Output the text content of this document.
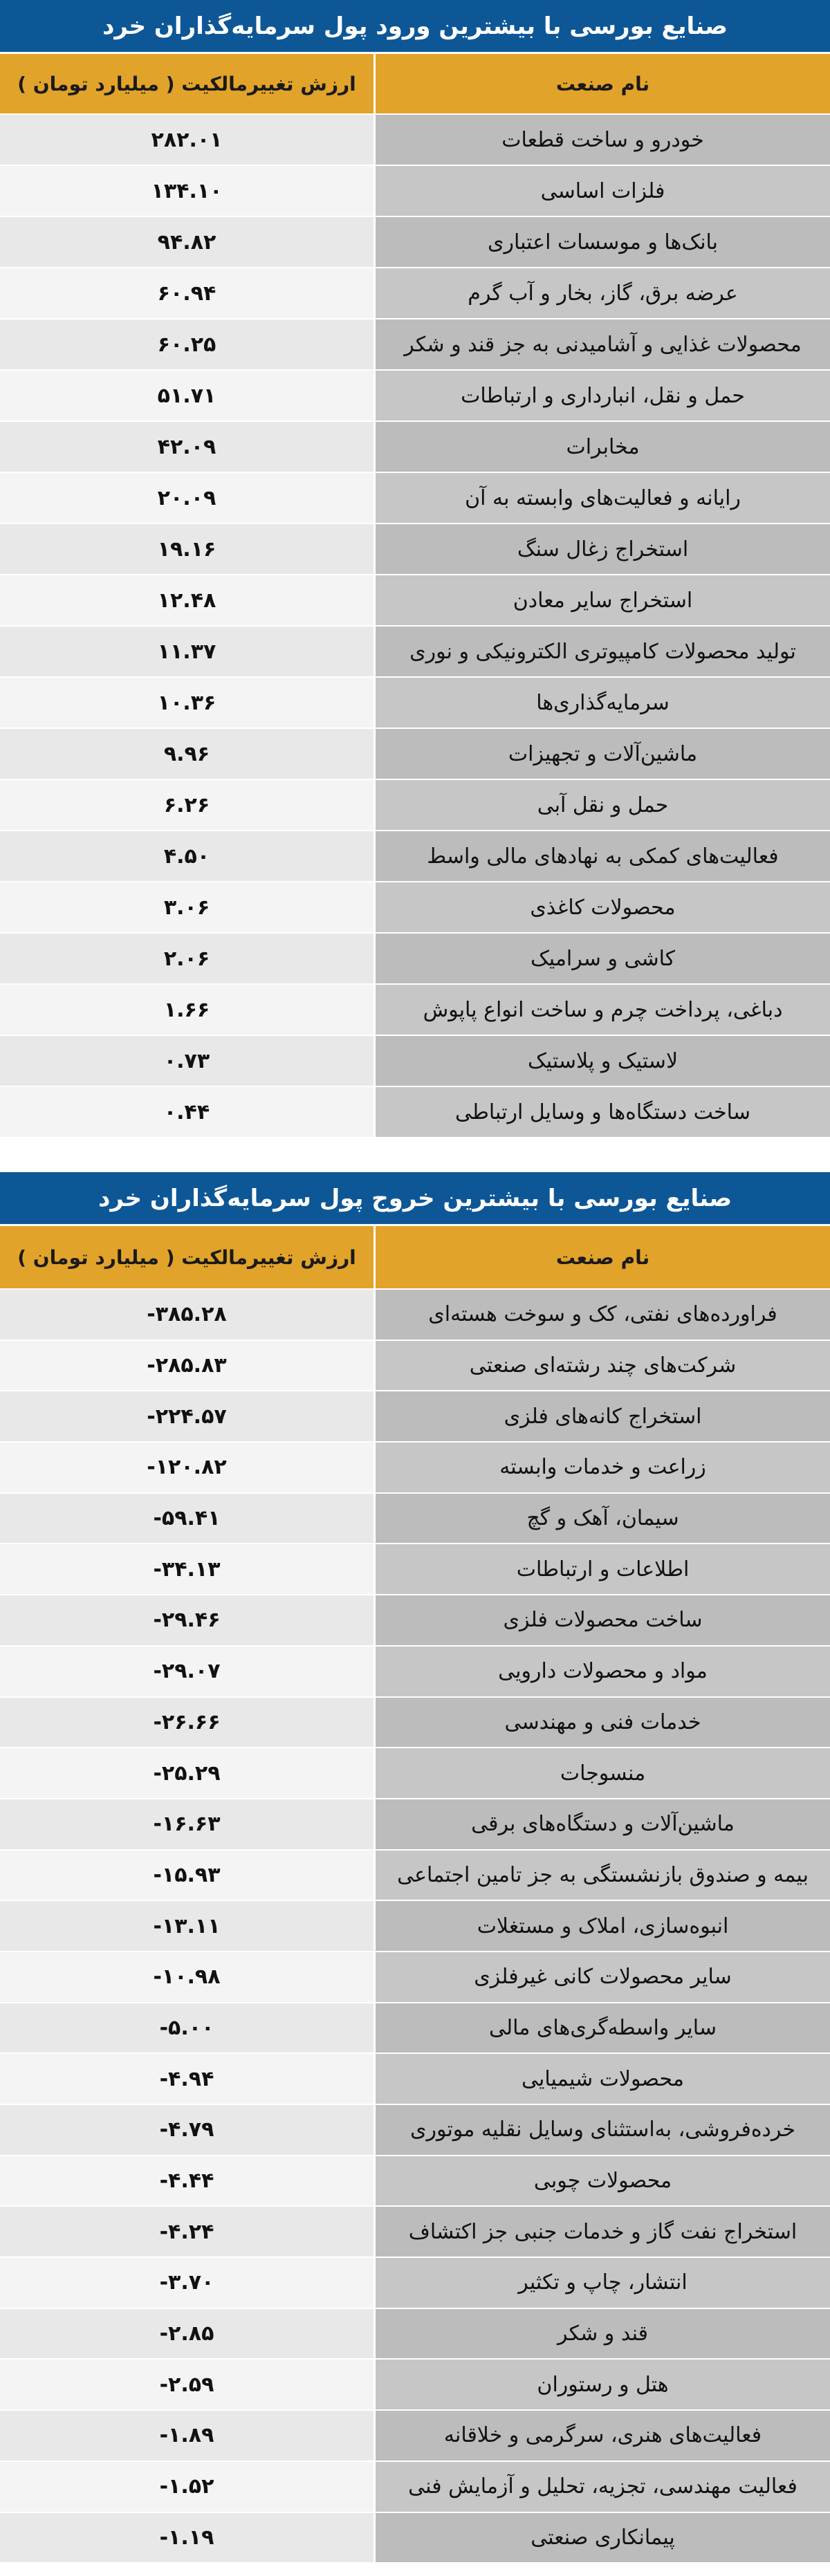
صنایع بورسی با بیشترین ورود پول سرمایه‌گذاران خرد
نام صنعت
ارزش تغییرمالکیت ( میلیارد تومان )
خودرو و ساخت قطعات
۲۸۲.۰۱
فلزات اساسی
۱۳۴.۱۰
بانک‌ها و موسسات اعتباری
۹۴.۸۲
عرضه برق، گاز، بخار و آب گرم
۶۰.۹۴
محصولات غذایی و آشامیدنی به جز قند و شکر
۶۰.۲۵
حمل و نقل، انبارداری و ارتباطات
۵۱.۷۱
مخابرات
۴۲.۰۹
رایانه و فعالیت‌های وابسته به آن
۲۰.۰۹
استخراج زغال سنگ
۱۹.۱۶
استخراج سایر معادن
۱۲.۴۸
تولید محصولات کامپیوتری الکترونیکی و نوری
۱۱.۳۷
سرمایه‌گذاری‌ها
۱۰.۳۶
ماشین‌آلات و تجهیزات
۹.۹۶
حمل و نقل آبی
۶.۲۶
فعالیت‌های کمکی به نهادهای مالی واسط
۴.۵۰
محصولات کاغذی
۳.۰۶
کاشی و سرامیک
۲.۰۶
دباغی، پرداخت چرم و ساخت انواع پاپوش
۱.۶۶
لاستیک و پلاستیک
۰.۷۳
ساخت دستگاه‌ها و وسایل ارتباطی
۰.۴۴
صنایع بورسی با بیشترین خروج پول سرمایه‌گذاران خرد
نام صنعت
ارزش تغییرمالکیت ( میلیارد تومان )
فراورده‌های نفتی، کک و سوخت هسته‌ای
-۳۸۵.۲۸
شرکت‌های چند رشته‌ای صنعتی
-۲۸۵.۸۳
استخراج کانه‌های فلزی
-۲۲۴.۵۷
زراعت و خدمات وابسته
-۱۲۰.۸۲
سیمان، آهک و گچ
-۵۹.۴۱
اطلاعات و ارتباطات
-۳۴.۱۳
ساخت محصولات فلزی
-۲۹.۴۶
مواد و محصولات دارویی
-۲۹.۰۷
خدمات فنی و مهندسی
-۲۶.۶۶
منسوجات
-۲۵.۲۹
ماشین‌آلات و دستگاه‌های برقی
-۱۶.۶۳
بیمه و صندوق بازنشستگی به جز تامین اجتماعی
-۱۵.۹۳
انبوه‌سازی، املاک و مستغلات
-۱۳.۱۱
سایر محصولات کانی غیرفلزی
-۱۰.۹۸
سایر واسطه‌گری‌های مالی
-۵.۰۰
محصولات شیمیایی
-۴.۹۴
خرده‌فروشی، به‌استثنای وسایل نقلیه موتوری
-۴.۷۹
محصولات چوبی
-۴.۴۴
استخراج نفت گاز و خدمات جنبی جز اکتشاف
-۴.۲۴
انتشار، چاپ و تکثیر
-۳.۷۰
قند و شکر
-۲.۸۵
هتل و رستوران
-۲.۵۹
فعالیت‌های هنری، سرگرمی و خلاقانه
-۱.۸۹
فعالیت مهندسی، تجزیه، تحلیل و آزمایش فنی
-۱.۵۲
پیمانکاری صنعتی
-۱.۱۹
